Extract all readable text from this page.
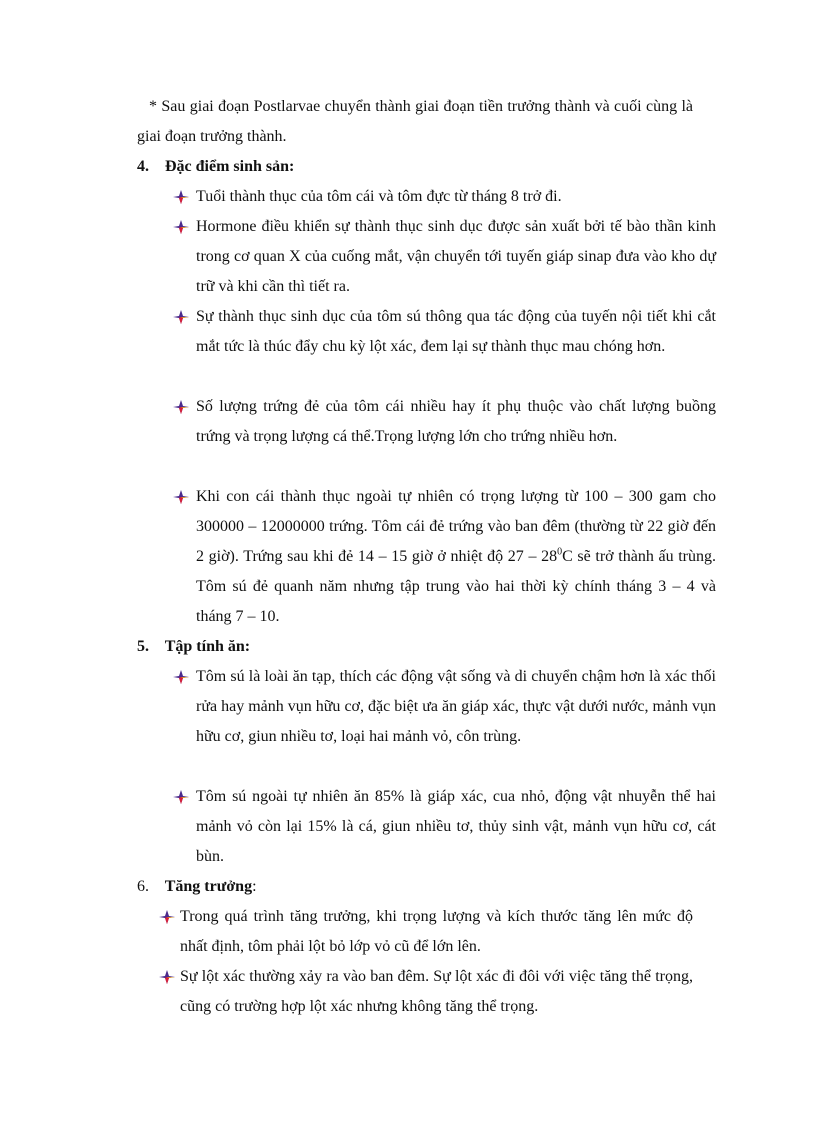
* Sau giai đoạn Postlarvae chuyển thành giai đoạn tiền trưởng thành và cuối cùng là giai đoạn trưởng thành.
4. Đặc điểm sinh sản:
Tuổi thành thục của tôm cái và tôm đực từ tháng 8 trở đi.
Hormone điều khiển sự thành thục sinh dục được sản xuất bởi tế bào thần kinh trong cơ quan X của cuống mắt, vận chuyển tới tuyến giáp sinap đưa vào kho dự trữ và khi cần thì tiết ra.
Sự thành thục sinh dục của tôm sú thông qua tác động của tuyến nội tiết khi cắt mắt tức là thúc đẩy chu kỳ lột xác, đem lại sự thành thục mau chóng hơn.
Số lượng trứng đẻ của tôm cái nhiều hay ít phụ thuộc vào chất lượng buồng trứng và trọng lượng cá thể.Trọng lượng lớn cho trứng nhiều hơn.
Khi con cái thành thục ngoài tự nhiên có trọng lượng từ 100 – 300 gam cho 300000 – 12000000 trứng. Tôm cái đẻ trứng vào ban đêm (thường từ 22 giờ đến 2 giờ). Trứng sau khi đẻ 14 – 15 giờ ở nhiệt độ $27 - 28^0C$ sẽ trở thành ấu trùng. Tôm sú đẻ quanh năm nhưng tập trung vào hai thời kỳ chính tháng 3 – 4 và tháng 7 – 10.
5. Tập tính ăn:
Tôm sú là loài ăn tạp, thích các động vật sống và di chuyển chậm hơn là xác thối rửa hay mảnh vụn hữu cơ, đặc biệt ưa ăn giáp xác, thực vật dưới nước, mảnh vụn hữu cơ, giun nhiều tơ, loại hai mảnh vỏ, côn trùng.
Tôm sú ngoài tự nhiên ăn 85% là giáp xác, cua nhỏ, động vật nhuyễn thể hai mảnh vỏ còn lại 15% là cá, giun nhiều tơ, thủy sinh vật, mảnh vụn hữu cơ, cát bùn.
6. Tăng trưởng:
Trong quá trình tăng trưởng, khi trọng lượng và kích thước tăng lên mức độ nhất định, tôm phải lột bỏ lớp vỏ cũ để lớn lên.
Sự lột xác thường xảy ra vào ban đêm. Sự lột xác đi đôi với việc tăng thể trọng, cũng có trường hợp lột xác nhưng không tăng thể trọng.
